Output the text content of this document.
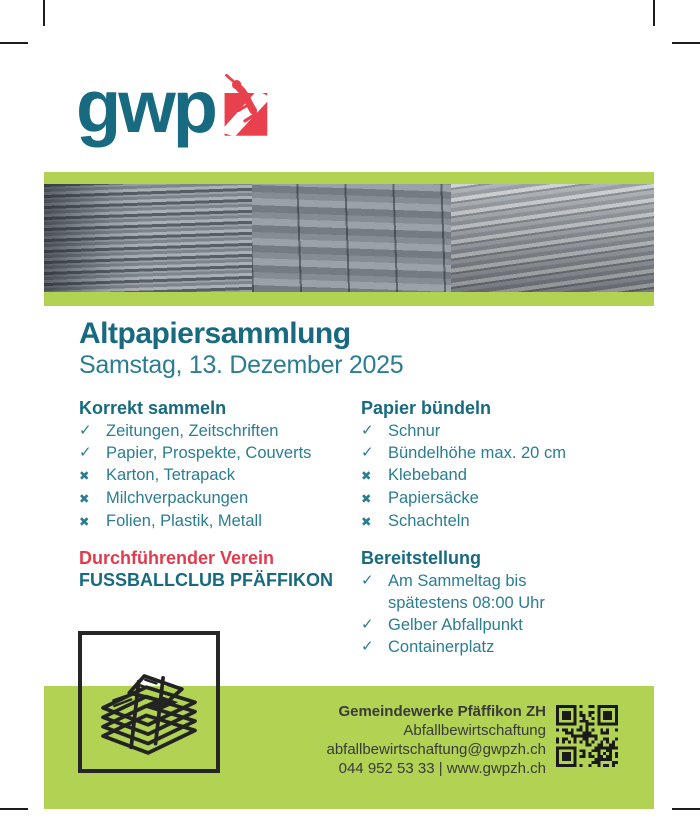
gwp
Altpapiersammlung
Samstag, 13. Dezember 2025
Korrekt sammeln
✓ Zeitungen, Zeitschriften
✓ Papier, Prospekte, Couverts
✖	Karton, Tetrapack
✖	Milchverpackungen
✖	Folien, Plastik, Metall
Papier bündeln
✓ Schnur
✓ Bündelhöhe max. 20 cm
✖	Klebeband
✖	Papiersäcke
✖	Schachteln
Durchführender Verein
FUSSBALLCLUB PFÄFFIKON
Bereitstellung
✓ Am Sammeltag bis spätestens 08:00 Uhr
✓ Gelber Abfallpunkt
✓ Containerplatz
Gemeindewerke Pfäffikon ZH
Abfallbewirtschaftung
abfallbewirtschaftung@gwpzh.ch
044 952 53 33 | www.gwpzh.ch
